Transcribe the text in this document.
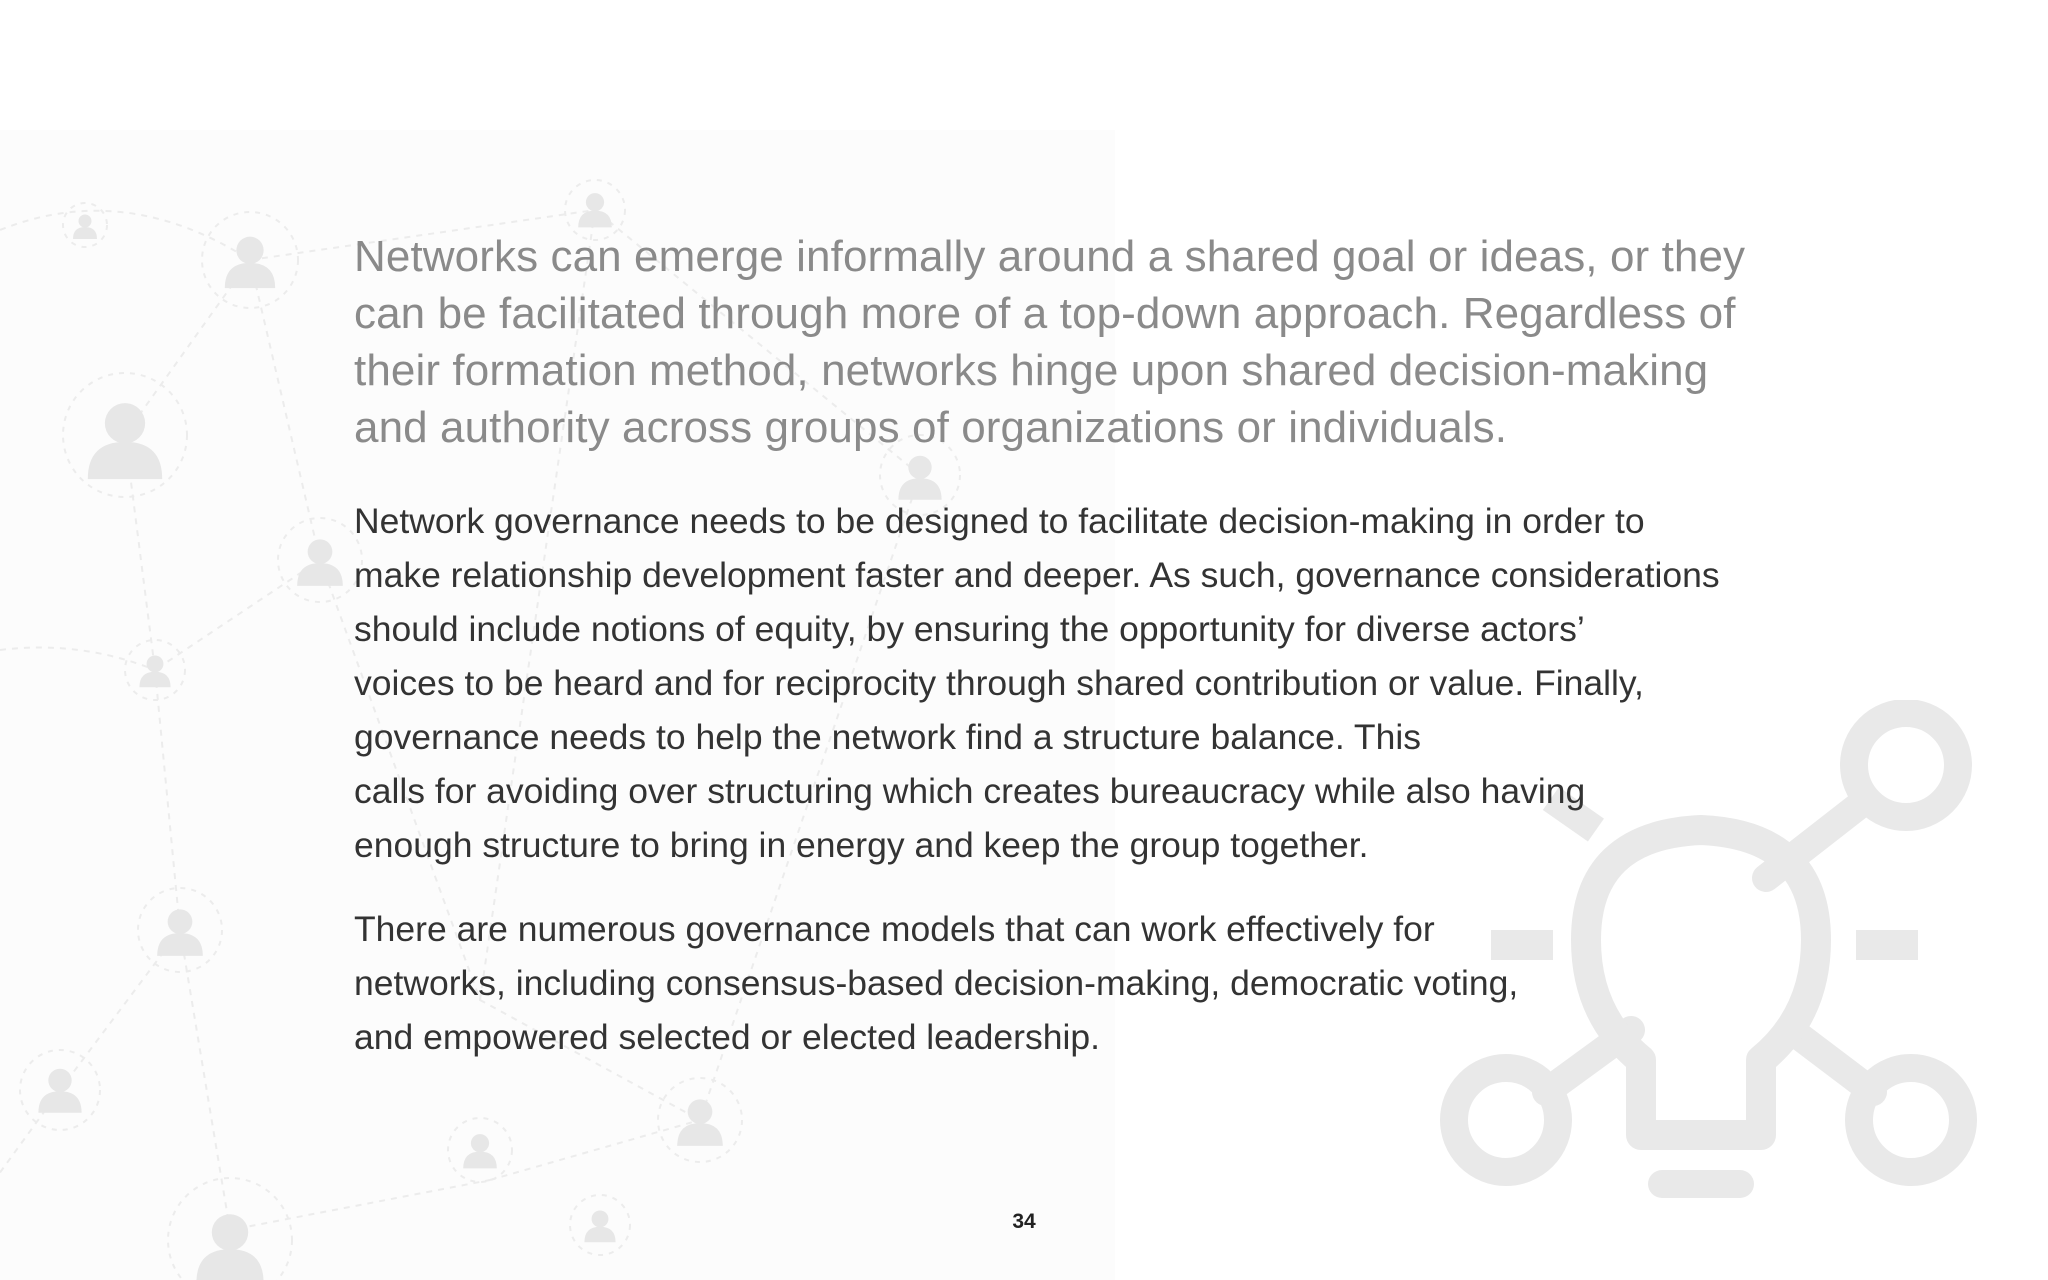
Networks can emerge informally around a shared goal or ideas, or they can be facilitated through more of a top-down approach. Regardless of their formation method, networks hinge upon shared decision-making and authority across groups of organizations or individuals.

Network governance needs to be designed to facilitate decision-making in order to
make relationship development faster and deeper. As such, governance considerations
should include notions of equity, by ensuring the opportunity for diverse actors’
voices to be heard and for reciprocity through shared contribution or value. Finally,
governance needs to help the network find a structure balance. This
calls for avoiding over structuring which creates bureaucracy while also having
enough structure to bring in energy and keep the group together.

There are numerous governance models that can work effectively for
networks, including consensus-based decision-making, democratic voting,
and empowered selected or elected leadership.

34
